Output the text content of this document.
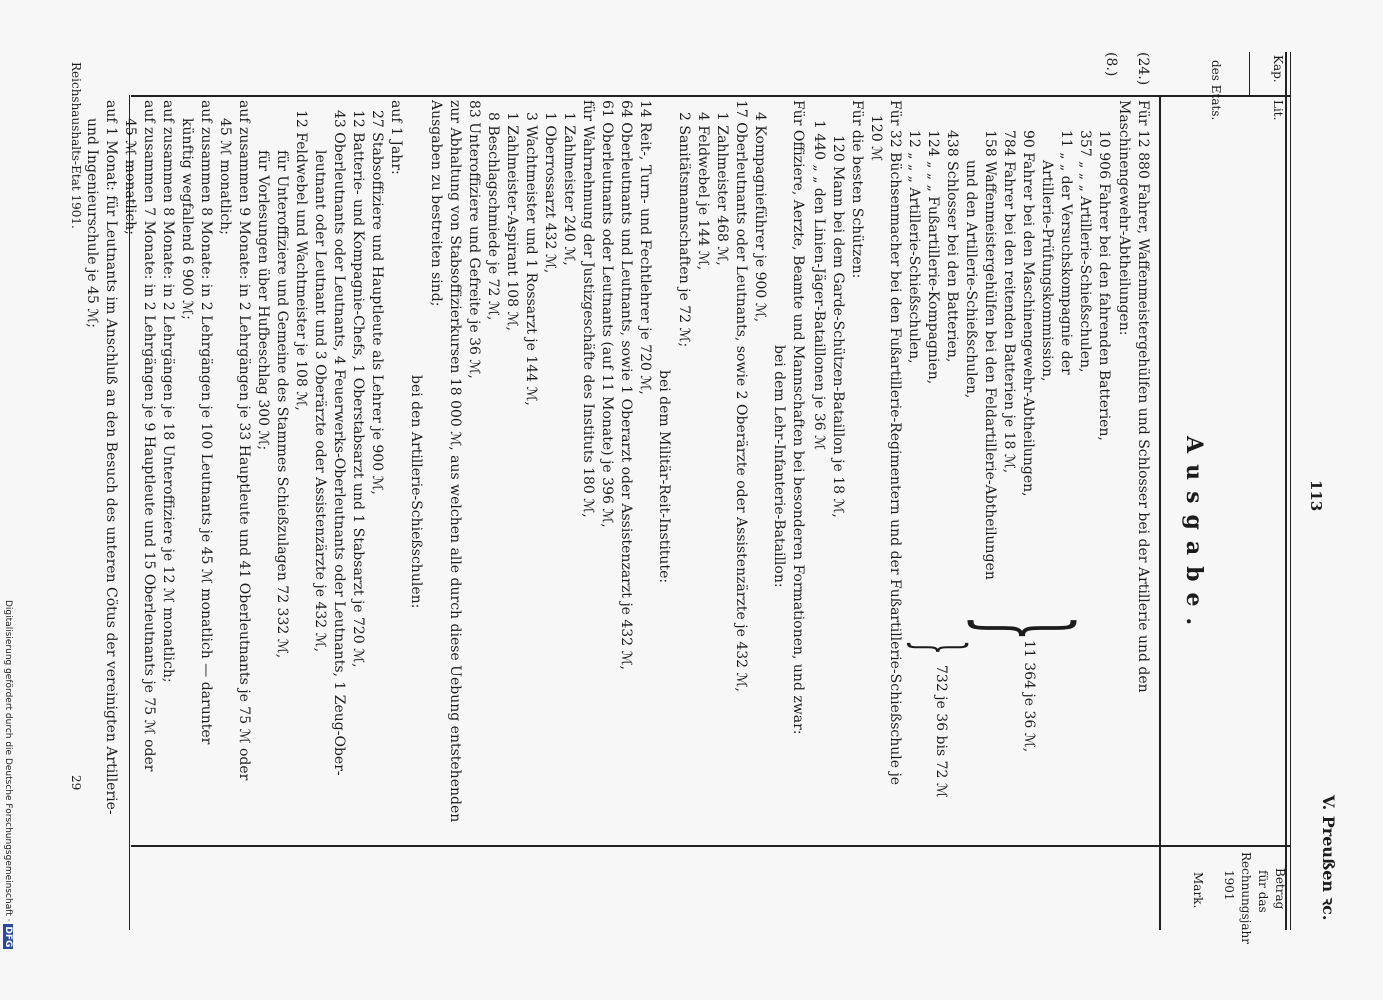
113
V. Preußen ꝛc.
Kap.
Lit.
des Etats.
Betrag
für das
Rechnungsjahr
1901
Mark.
Ausgabe.
(24.)
(8.)
Für 12 880 Fahrer, Waffenmeistergehülfen und Schlosser bei der Artillerie und den
Maschinengewehr-Abtheilungen:
10 906 Fahrer bei den fahrenden Batterien,
357 „ „ „ Artillerie-Schießschulen,
11 „ „ der Versuchskompagnie der
Artillerie-Prüfungskommission,
90 Fahrer bei den Maschinengewehr-Abtheilungen,
784 Fahrer bei den reitenden Batterien je 18 ℳ,
158 Waffenmeistergehülfen bei den Feldartillerie-Abtheilungen
und den Artillerie-Schießschulen,
438 Schlosser bei den Batterien,
124 „ „ „ Fußartillerie-Kompagnien,
12 „ „ „ Artillerie-Schießschulen,
}
11 364 je 36 ℳ,
}
732 je 36 bis 72 ℳ
Für 32 Büchsenmacher bei den Fußartillerie-Regimentern und der Fußartillerie-Schießschule je
120 ℳ
Für die besten Schützen:
120 Mann bei dem Garde-Schützen-Bataillon je 18 ℳ,
1 440 „ „ den Linien-Jäger-Bataillonen je 36 ℳ
Für Offiziere, Aerzte, Beamte und Mannschaften bei besonderen Formationen, und zwar:
bei dem Lehr-Infanterie-Bataillon:
4 Kompagnieführer je 900 ℳ,
17 Oberleutnants oder Leutnants, sowie 2 Oberärzte oder Assistenzärzte je 432 ℳ,
1 Zahlmeister 468 ℳ,
4 Feldwebel je 144 ℳ,
2 Sanitätsmannschaften je 72 ℳ;
bei dem Militär-Reit-Institute:
14 Reit-, Turn- und Fechtlehrer je 720 ℳ,
64 Oberleutnants und Leutnants, sowie 1 Oberarzt oder Assistenzarzt je 432 ℳ,
61 Oberleutnants oder Leutnants (auf 11 Monate) je 396 ℳ,
für Wahrnehmung der Justizgeschäfte des Instituts 180 ℳ,
1 Zahlmeister 240 ℳ,
1 Oberrossarzt 432 ℳ,
3 Wachtmeister und 1 Rossarzt je 144 ℳ,
1 Zahlmeister-Aspirant 108 ℳ,
8 Beschlagschmiede je 72 ℳ,
83 Unteroffiziere und Gefreite je 36 ℳ,
zur Abhaltung von Stabsoffizierkursen 18 000 ℳ, aus welchen alle durch diese Uebung entstehenden
Ausgaben zu bestreiten sind;
bei den Artillerie-Schießschulen:
auf 1 Jahr:
27 Stabsoffiziere und Hauptleute als Lehrer je 900 ℳ,
12 Batterie- und Kompagnie-Chefs, 1 Oberstabsarzt und 1 Stabsarzt je 720 ℳ,
43 Oberleutnants oder Leutnants, 4 Feuerwerks-Oberleutnants oder Leutnants, 1 Zeug-Ober-
leutnant oder Leutnant und 3 Oberärzte oder Assistenzärzte je 432 ℳ,
12 Feldwebel und Wachtmeister je 108 ℳ,
für Unteroffiziere und Gemeine des Stammes Schießzulagen 72 332 ℳ,
für Vorlesungen über Hufbeschlag 300 ℳ;
auf zusammen 9 Monate: in 2 Lehrgängen je 33 Hauptleute und 41 Oberleutnants je 75 ℳ oder
45 ℳ monatlich;
auf zusammen 8 Monate: in 2 Lehrgängen je 100 Leutnants je 45 ℳ monatlich — darunter
künftig wegfallend 6 900 ℳ;
auf zusammen 8 Monate: in 2 Lehrgängen je 18 Unteroffiziere je 12 ℳ monatlich;
auf zusammen 7 Monate: in 2 Lehrgängen je 9 Hauptleute und 15 Oberleutnants je 75 ℳ oder
45 ℳ monatlich;
auf 1 Monat: für Leutnants im Anschluß an den Besuch des unteren Cötus der vereinigten Artillerie-
und Ingenieurschule je 45 ℳ;
Reichshaushalts-Etat 1901.
29
Digitalisierung gefördert durch die Deutsche Forschungsgemeinschaft · DFG
